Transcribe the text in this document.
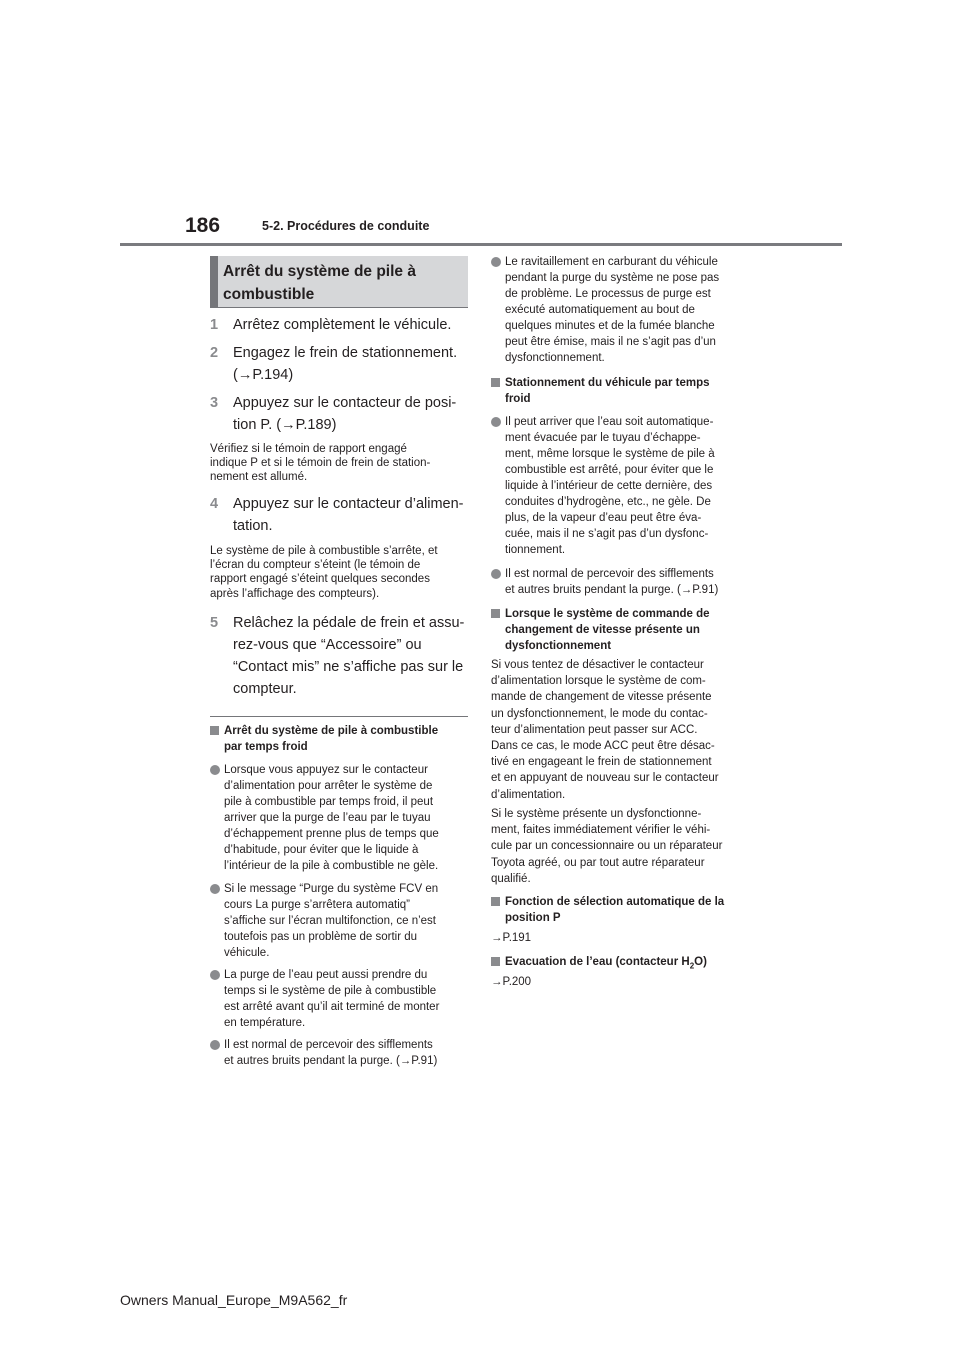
186	5-2. Procédures de conduite
Arrêt du système de pile à
combustible
1 Arrêtez complètement le véhicule.
2 Engagez le frein de stationnement.
(→P.194)
3 Appuyez sur le contacteur de posi-
tion P. (→P.189)
Vérifiez si le témoin de rapport engagé
indique P et si le témoin de frein de station-
nement est allumé.
4 Appuyez sur le contacteur d’alimen-
tation.
Le système de pile à combustible s’arrête, et
l’écran du compteur s’éteint (le témoin de
rapport engagé s’éteint quelques secondes
après l’affichage des compteurs).
5 Relâchez la pédale de frein et assu-
rez-vous que “Accessoire” ou
“Contact mis” ne s’affiche pas sur le
compteur.
Arrêt du système de pile à combustible
par temps froid
Lorsque vous appuyez sur le contacteur
d’alimentation pour arrêter le système de
pile à combustible par temps froid, il peut
arriver que la purge de l’eau par le tuyau
d’échappement prenne plus de temps que
d’habitude, pour éviter que le liquide à
l’intérieur de la pile à combustible ne gèle.
Si le message “Purge du système FCV en
cours La purge s’arrêtera automatiq”
s’affiche sur l’écran multifonction, ce n’est
toutefois pas un problème de sortir du
véhicule.
La purge de l’eau peut aussi prendre du
temps si le système de pile à combustible
est arrêté avant qu’il ait terminé de monter
en température.
Il est normal de percevoir des sifflements
et autres bruits pendant la purge. (→P.91)
Le ravitaillement en carburant du véhicule
pendant la purge du système ne pose pas
de problème. Le processus de purge est
exécuté automatiquement au bout de
quelques minutes et de la fumée blanche
peut être émise, mais il ne s’agit pas d’un
dysfonctionnement.
Stationnement du véhicule par temps
froid
Il peut arriver que l’eau soit automatique-
ment évacuée par le tuyau d’échappe-
ment, même lorsque le système de pile à
combustible est arrêté, pour éviter que le
liquide à l’intérieur de cette dernière, des
conduites d’hydrogène, etc., ne gèle. De
plus, de la vapeur d’eau peut être éva-
cuée, mais il ne s’agit pas d’un dysfonc-
tionnement.
Il est normal de percevoir des sifflements
et autres bruits pendant la purge. (→P.91)
Lorsque le système de commande de
changement de vitesse présente un
dysfonctionnement
Si vous tentez de désactiver le contacteur
d’alimentation lorsque le système de com-
mande de changement de vitesse présente
un dysfonctionnement, le mode du contac-
teur d’alimentation peut passer sur ACC.
Dans ce cas, le mode ACC peut être désac-
tivé en engageant le frein de stationnement
et en appuyant de nouveau sur le contacteur
d’alimentation.
Si le système présente un dysfonctionne-
ment, faites immédiatement vérifier le véhi-
cule par un concessionnaire ou un réparateur
Toyota agréé, ou par tout autre réparateur
qualifié.
Fonction de sélection automatique de la
position P
→P.191
Evacuation de l’eau (contacteur $H_2O$)
→P.200
Owners Manual_Europe_M9A562_fr
